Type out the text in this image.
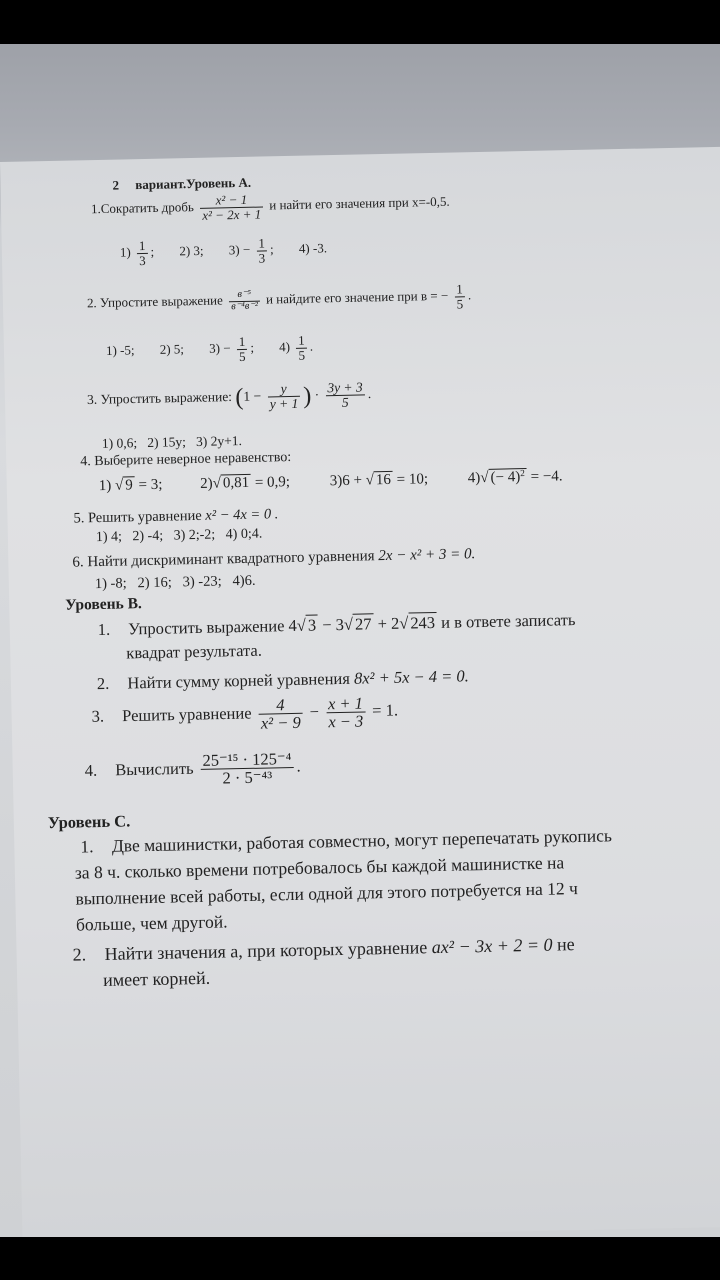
2 вариант.Уровень А.
1.Сократить дробь $\frac{\text{x² − 1}}{\text{x² − 2x + 1}}$ и найти его значения при x=-0,5.
$1) \frac{1}{3}$ ; 2) 3; $3) - \frac{1}{3}$ ; 4) -3.
2. Упростите выражение $\frac{\text{в⁻⁵}}{\text{в⁻⁴в⁻²}}$ и найдите его значение при в = − $\frac{1}{5}$ .
1) -5; 2) 5; $3) - \frac{1}{5}$ ; $4) \frac{1}{5}$ .
3. Упростить выражение: ($1 - \frac{y}{y + 1}$ ) · $\frac{3y + 3}{5}$ .
1) 0,6;   2) 15y;   3) 2y+1.
4. Выберите неверное неравенство:
1) √ 9 = 3; 2)√ 0,81 = 0,9;	3)6 + √ 16 = 10;	4)√ (− 4)$^2$ = −4.
5. Решить уравнение x² − 4x = 0 .
1) 4;   2) -4;   3) 2;-2;   4) 0;4.
6. Найти дискриминант квадратного уравнения 2x − x² + 3 = 0.
1) -8;   2) 16;   3) -23;   4)6.
Уровень В.
1. Упростить выражение 4√3 − 3√27 + 2√243 и в ответе записать
квадрат результата.
2. Найти сумму корней уравнения 8x² + 5x − 4 = 0.
3. Решить уравнение $\frac{4}{\text{x² − 9}} - \frac{x + 1}{x - 3} = 1$.
4. Вычислить $\frac{\text{25⁻¹⁵ · 125⁻⁴}}{\text{2 · 5⁻⁴³}}$ .
Уровень С.
1. Две машинистки, работая совместно, могут перепечатать рукопись
за 8 ч. сколько времени потребовалось бы каждой машинистке на
выполнение всей работы, если одной для этого потребуется на 12 ч
больше, чем другой.
2. Найти значения а, при которых уравнение ax² − 3x + 2 = 0 не
имеет корней.
